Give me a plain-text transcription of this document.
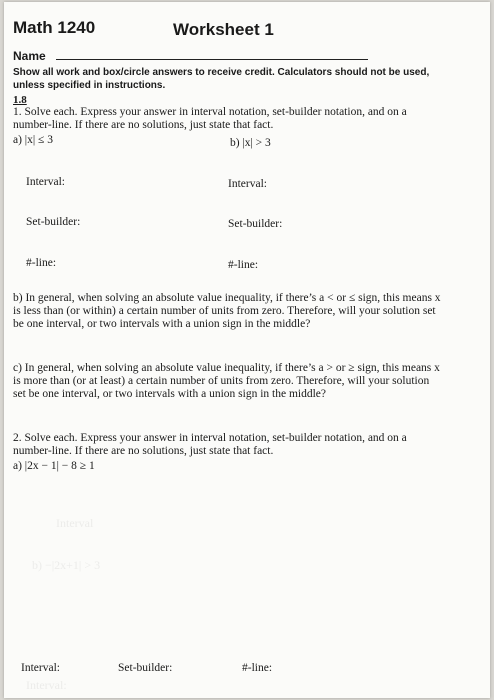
Math 1240	Worksheet 1
Name
Show all work and box/circle answers to receive credit. Calculators should not be used, unless specified in instructions.
1.8
1. Solve each. Express your answer in interval notation, set-builder notation, and on a number-line. If there are no solutions, just state that fact.
a) |x| ≤ 3	b) |x| > 3
Interval:	Interval:
Set-builder:	Set-builder:
#-line:	#-line:
b) In general, when solving an absolute value inequality, if there’s a < or ≤ sign, this means x is less than (or within) a certain number of units from zero. Therefore, will your solution set be one interval, or two intervals with a union sign in the middle?
c) In general, when solving an absolute value inequality, if there’s a > or ≥ sign, this means x is more than (or at least) a certain number of units from zero. Therefore, will your solution set be one interval, or two intervals with a union sign in the middle?
2. Solve each. Express your answer in interval notation, set-builder notation, and on a number-line. If there are no solutions, just state that fact.
a) |2x − 1| − 8 ≥ 1
Interval
b) −|2x+1| > 3
Interval:
Interval:	Set-builder:	#-line:
